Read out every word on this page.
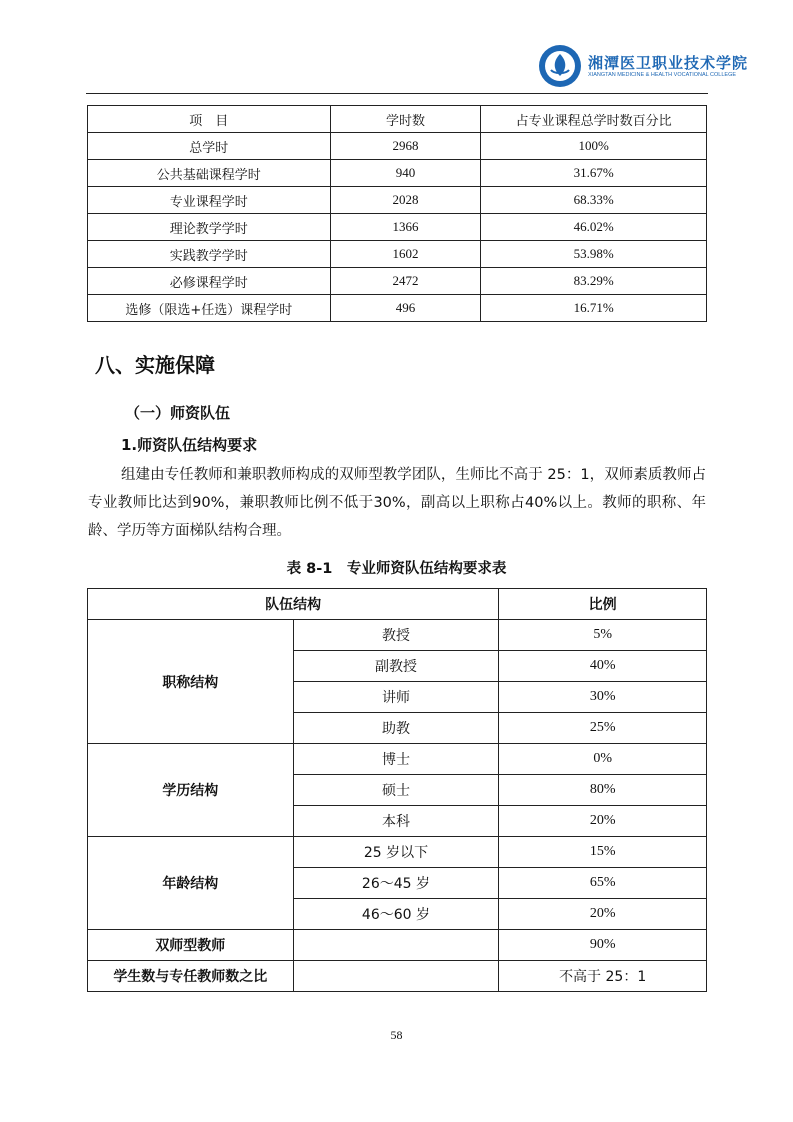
湘潭医卫职业技术学院
XIANGTAN MEDICINE & HEALTH VOCATIONAL COLLEGE
项　目	学时数	占专业课程总学时数百分比
总学时	2968	100%
公共基础课程学时	940	31.67%
专业课程学时	2028	68.33%
理论教学学时	1366	46.02%
实践教学学时	1602	53.98%
必修课程学时	2472	83.29%
选修（限选+任选）课程学时	496	16.71%
八、实施保障
（一）师资队伍
1.师资队伍结构要求
组建由专任教师和兼职教师构成的双师型教学团队，生师比不高于 25：1，双师素质教师占专业教师比达到90%，兼职教师比例不低于30%，副高以上职称占40%以上。教师的职称、年龄、学历等方面梯队结构合理。
表 8-1　专业师资队伍结构要求表
队伍结构		比例
职称结构	教授	5%
	副教授	40%
	讲师	30%
	助教	25%
学历结构	博士	0%
	硕士	80%
	本科	20%
年龄结构	25 岁以下	15%
	26～45 岁	65%
	46～60 岁	20%
双师型教师		90%
学生数与专任教师数之比		不高于 25：1
58
